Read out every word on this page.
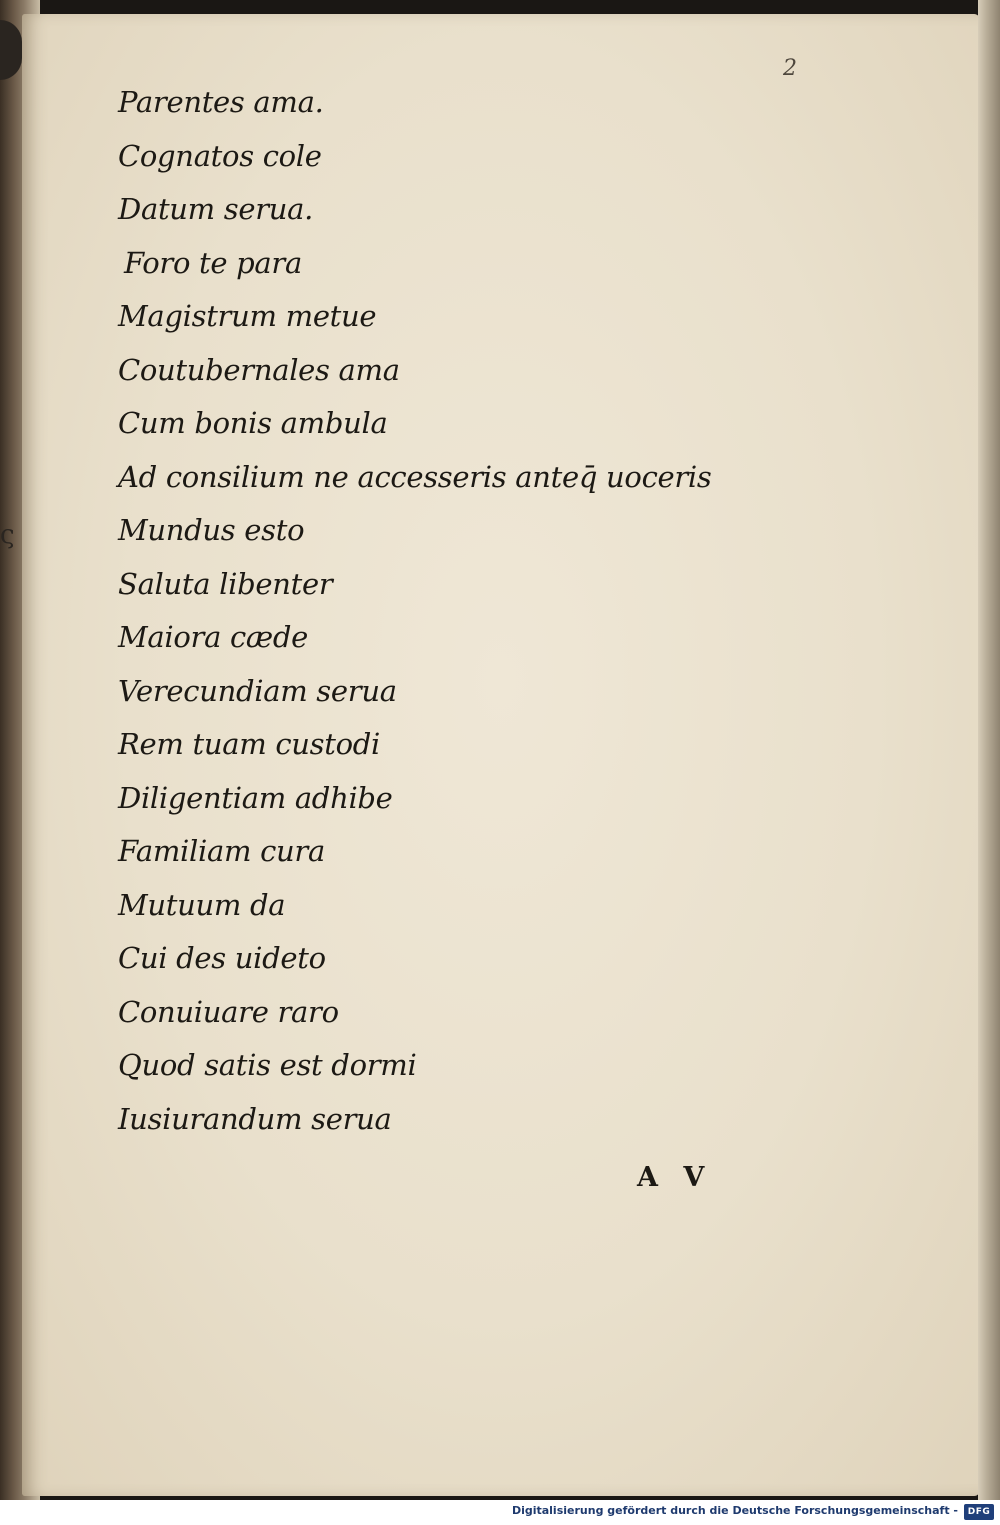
2
ς
Parentes ama.
Cognatos cole
Datum serua.
Foro te para
Magistrum metue
Coutubernales ama
Cum bonis ambula
Ad consilium ne accesseris anteq̄ uoceris
Mundus esto
Saluta libenter
Maiora cæde
Verecundiam serua
Rem tuam custodi
Diligentiam adhibe
Familiam cura
Mutuum da
Cui des uideto
Conuiuare raro
Quod satis est dormi
Iusiurandum serua
A V
Digitalisierung gefördert durch die Deutsche Forschungsgemeinschaft -	DFG
